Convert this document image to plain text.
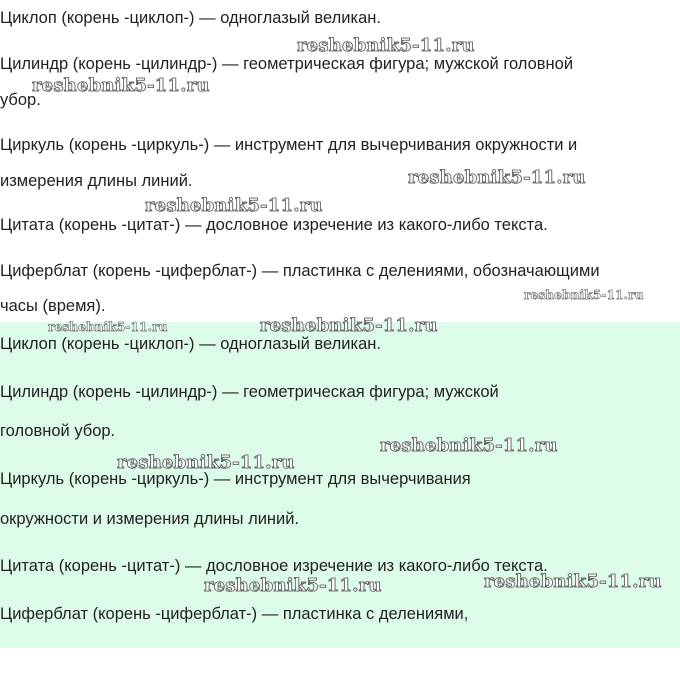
Циклоп (корень -циклоп-) — одноглазый великан.

Цилиндр (корень -цилиндр-) — геометрическая фигура; мужской головной

убор.

Циркуль (корень -циркуль-) — инструмент для вычерчивания окружности и

измерения длины линий.

Цитата (корень -цитат-) — дословное изречение из какого-либо текста.

Циферблат (корень -циферблат-) — пластинка с делениями, обозначающими

часы (время).

Циклоп (корень -циклоп-) — одноглазый великан.

Цилиндр (корень -цилиндр-) — геометрическая фигура; мужской

головной убор.

Циркуль (корень -циркуль-) — инструмент для вычерчивания

окружности и измерения длины линий.

Цитата (корень -цитат-) — дословное изречение из какого-либо текста.

Циферблат (корень -циферблат-) — пластинка с делениями,

reshebnik5-11.ru

reshebnik5-11.ru

reshebnik5-11.ru

reshebnik5-11.ru

reshebnik5-11.ru

reshebnik5-11.ru	reshebnik5-11.ru

reshebnik5-11.ru

reshebnik5-11.ru

reshebnik5-11.ru

reshebnik5-11.ru
